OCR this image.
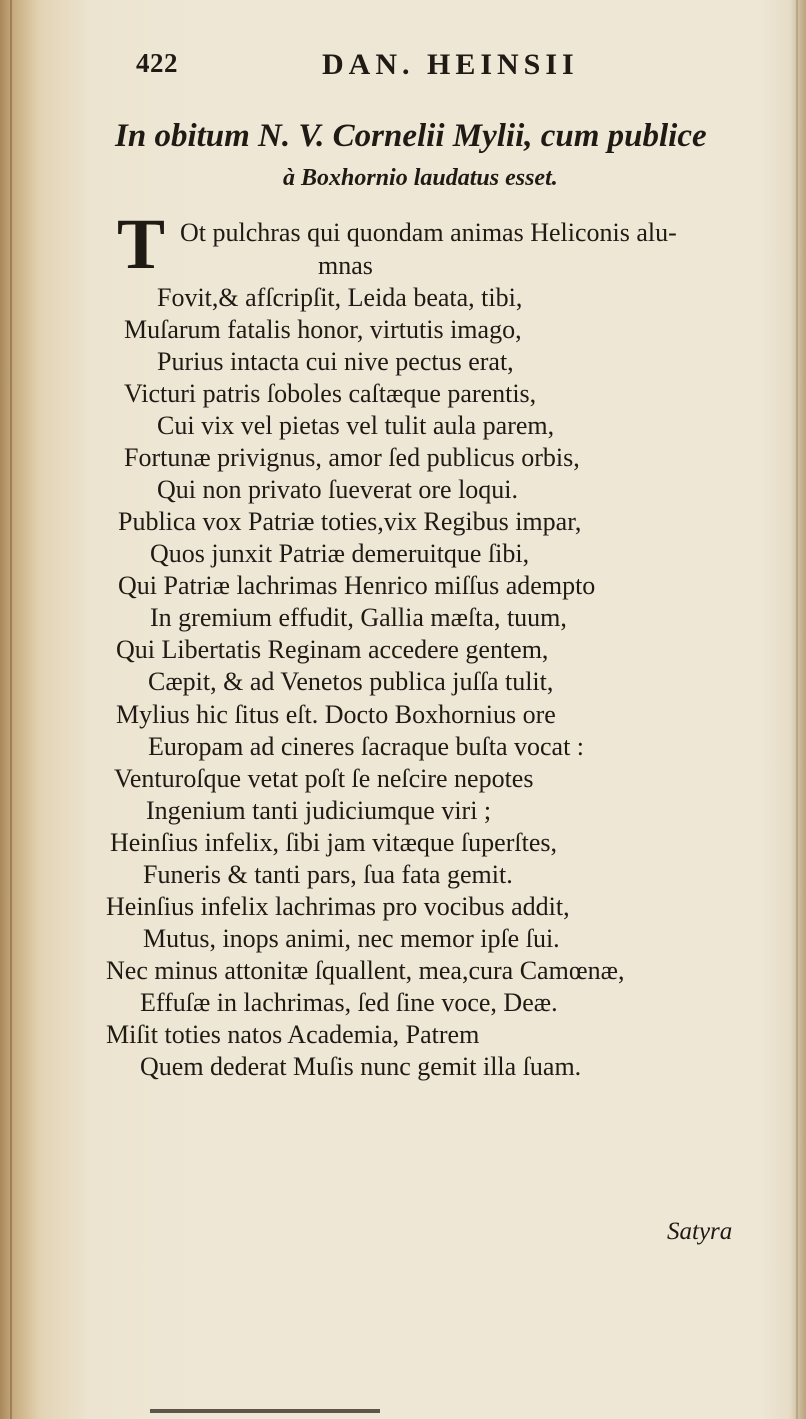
422	DAN. HEINSII
In obitum N. V. Cornelii Mylii, cum publice
à Boxhornio laudatus esset.
T Ot pulchras qui quondam animas Heliconis alu-
mnas
Fovit,& afſcripſit, Leida beata, tibi,
Muſarum fatalis honor, virtutis imago,
Purius intacta cui nive pectus erat,
Victuri patris ſoboles caſtæque parentis,
Cui vix vel pietas vel tulit aula parem,
Fortunæ privignus, amor ſed publicus orbis,
Qui non privato ſueverat ore loqui.
Publica vox Patriæ toties,vix Regibus impar,
Quos junxit Patriæ demeruitque ſibi,
Qui Patriæ lachrimas Henrico miſſus adempto
In gremium effudit, Gallia mæſta, tuum,
Qui Libertatis Reginam accedere gentem,
Cæpit, & ad Venetos publica juſſa tulit,
Mylius hic ſitus eſt. Docto Boxhornius ore
Europam ad cineres ſacraque buſta vocat :
Venturoſque vetat poſt ſe neſcire nepotes
Ingenium tanti judiciumque viri ;
Heinſius infelix, ſibi jam vitæque ſuperſtes,
Funeris & tanti pars, ſua fata gemit.
Heinſius infelix lachrimas pro vocibus addit,
Mutus, inops animi, nec memor ipſe ſui.
Nec minus attonitæ ſquallent, mea,cura Camœnæ,
Effuſæ in lachrimas, ſed ſine voce, Deæ.
Miſit toties natos Academia, Patrem
Quem dederat Muſis nunc gemit illa ſuam.
Satyra
